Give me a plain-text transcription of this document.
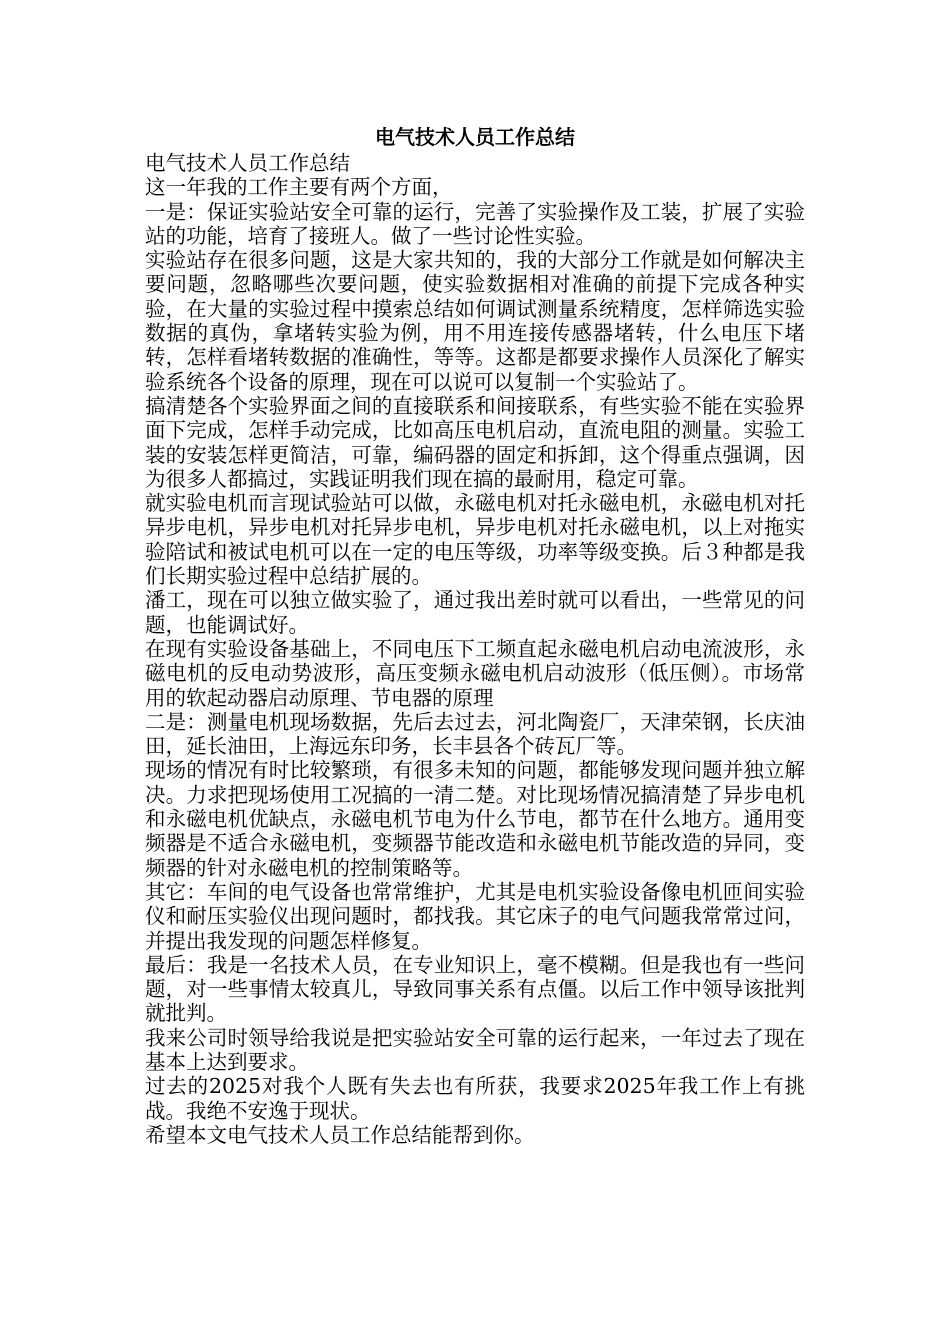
电气技术人员工作总结

电气技术人员工作总结

这一年我的工作主要有两个方面，

一是：保证实验站安全可靠的运行，完善了实验操作及工装，扩展了实验站的功能，培育了接班人。做了一些讨论性实验。

实验站存在很多问题，这是大家共知的，我的大部分工作就是如何解决主要问题，忽略哪些次要问题，使实验数据相对准确的前提下完成各种实验，在大量的实验过程中摸索总结如何调试测量系统精度，怎样筛选实验数据的真伪，拿堵转实验为例，用不用连接传感器堵转，什么电压下堵转，怎样看堵转数据的准确性，等等。这都是都要求操作人员深化了解实验系统各个设备的原理，现在可以说可以复制一个实验站了。

搞清楚各个实验界面之间的直接联系和间接联系，有些实验不能在实验界面下完成，怎样手动完成，比如高压电机启动，直流电阻的测量。实验工装的安装怎样更简洁，可靠，编码器的固定和拆卸，这个得重点强调，因为很多人都搞过，实践证明我们现在搞的最耐用，稳定可靠。

就实验电机而言现试验站可以做，永磁电机对托永磁电机，永磁电机对托异步电机，异步电机对托异步电机，异步电机对托永磁电机，以上对拖实验陪试和被试电机可以在一定的电压等级，功率等级变换。后３种都是我们长期实验过程中总结扩展的。

潘工，现在可以独立做实验了，通过我出差时就可以看出，一些常见的问题，也能调试好。

在现有实验设备基础上，不同电压下工频直起永磁电机启动电流波形，永磁电机的反电动势波形，高压变频永磁电机启动波形（低压侧）。市场常用的软起动器启动原理、节电器的原理

二是：测量电机现场数据，先后去过去，河北陶瓷厂，天津荣钢，长庆油田，延长油田，上海远东印务，长丰县各个砖瓦厂等。

现场的情况有时比较繁琐，有很多未知的问题，都能够发现问题并独立解决。力求把现场使用工况搞的一清二楚。对比现场情况搞清楚了异步电机和永磁电机优缺点，永磁电机节电为什么节电，都节在什么地方。通用变频器是不适合永磁电机，变频器节能改造和永磁电机节能改造的异同，变频器的针对永磁电机的控制策略等。

其它：车间的电气设备也常常维护，尤其是电机实验设备像电机匝间实验仪和耐压实验仪出现问题时，都找我。其它床子的电气问题我常常过问，并提出我发现的问题怎样修复。

最后：我是一名技术人员，在专业知识上，毫不模糊。但是我也有一些问题，对一些事情太较真儿，导致同事关系有点僵。以后工作中领导该批判就批判。

我来公司时领导给我说是把实验站安全可靠的运行起来，一年过去了现在基本上达到要求。

过去的2025对我个人既有失去也有所获，我要求2025年我工作上有挑战。我绝不安逸于现状。

希望本文电气技术人员工作总结能帮到你。
